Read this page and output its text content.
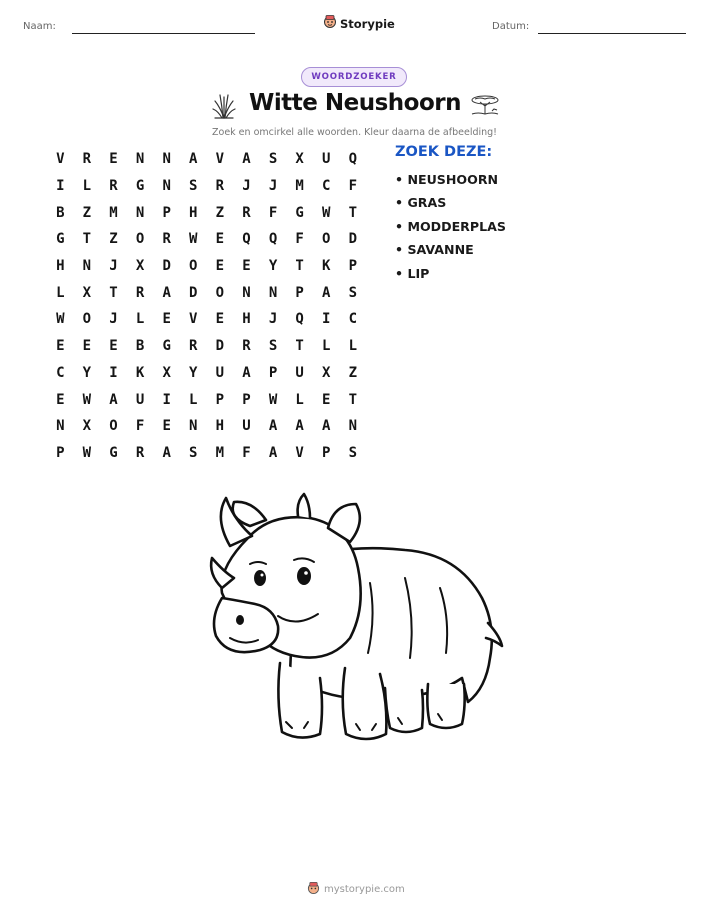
Naam:	Storypie	Datum:
WOORDZOEKER
Witte Neushoorn
Zoek en omcirkel alle woorden. Kleur daarna de afbeelding!
V	R	E	N	N	A	V	A	S	X	U	Q
I	L	R	G	N	S	R	J	J	M	C	F
B	Z	M	N	P	H	Z	R	F	G	W	T
G	T	Z	O	R	W	E	Q	Q	F	O	D
H	N	J	X	D	O	E	E	Y	T	K	P
L	X	T	R	A	D	O	N	N	P	A	S
W	O	J	L	E	V	E	H	J	Q	I	C
E	E	E	B	G	R	D	R	S	T	L	L
C	Y	I	K	X	Y	U	A	P	U	X	Z
E	W	A	U	I	L	P	P	W	L	E	T
N	X	O	F	E	N	H	U	A	A	A	N
P	W	G	R	A	S	M	F	A	V	P	S
ZOEK DEZE:
• NEUSHOORN
• GRAS
• MODDERPLAS
• SAVANNE
• LIP
mystorypie.com
